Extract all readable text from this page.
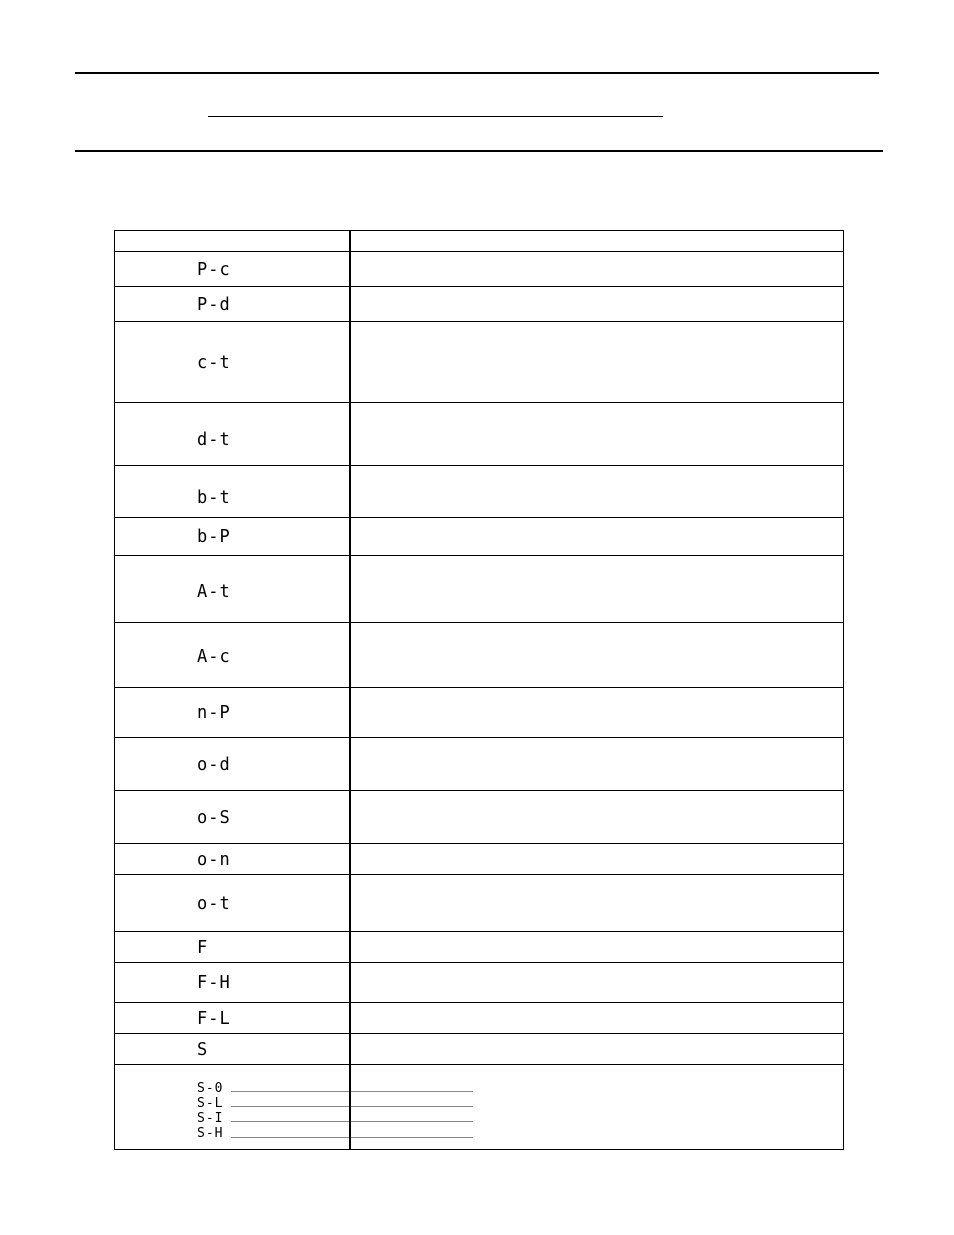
P-c	
P-d	
c-t	
d-t	
b-t	
b-P	
A-t	
A-c	
n-P	
o-d	
o-S	
o-n	
o-t	
F	
F-H	
F-L	
S	

S-0
S-L
S-I
S-H	
